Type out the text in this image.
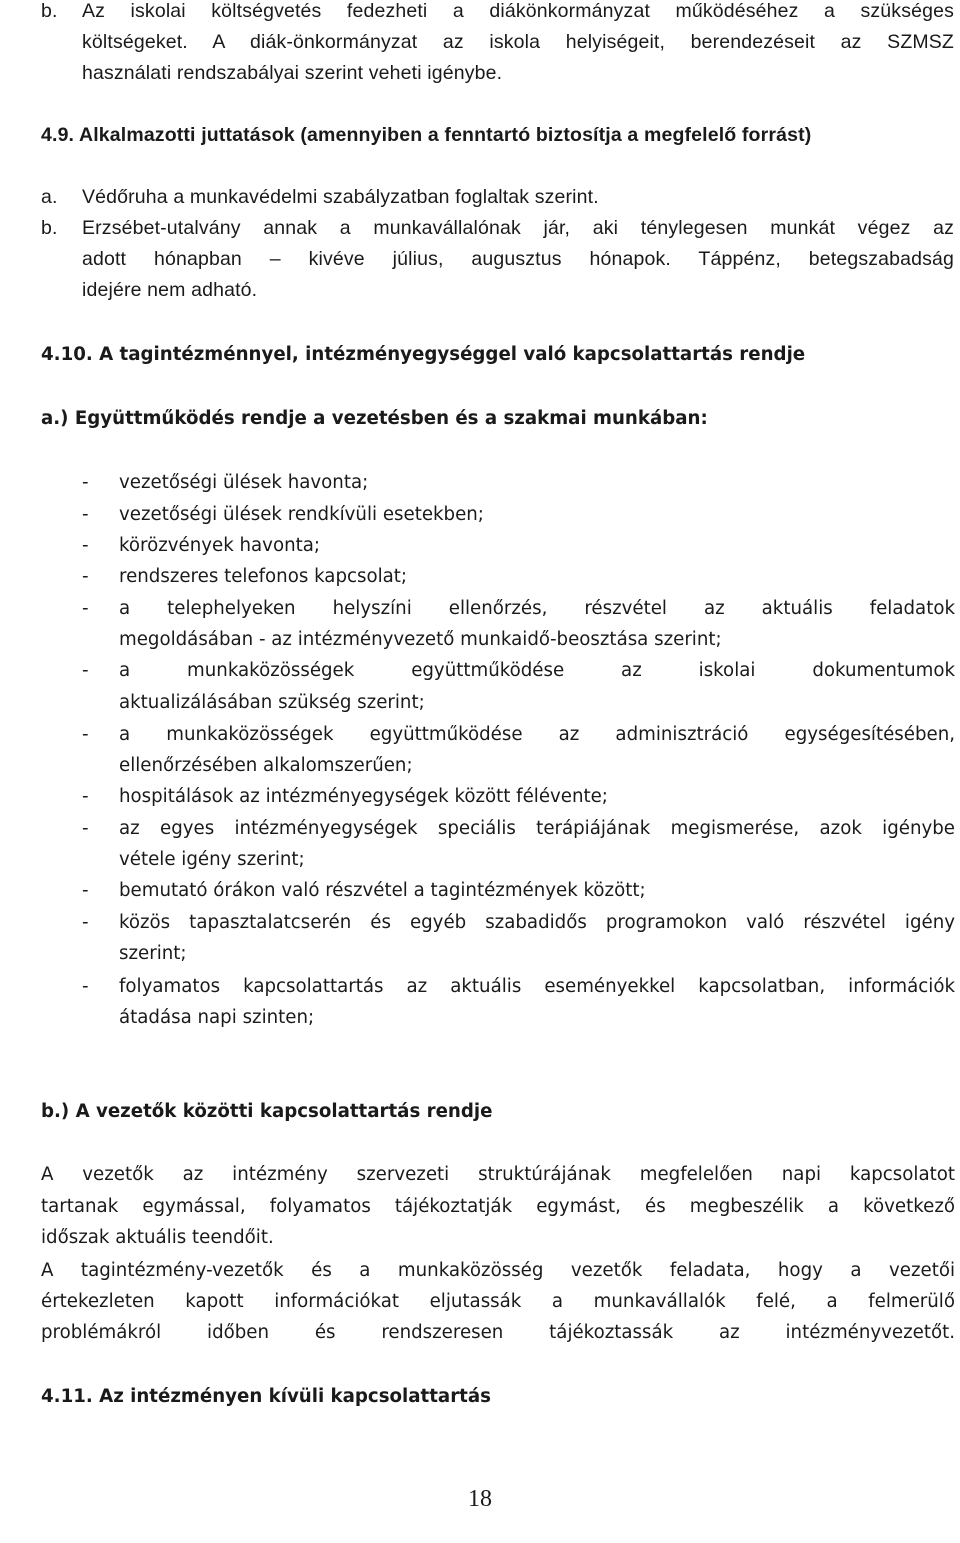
b. Az iskolai költségvetés fedezheti a diákönkormányzat működéséhez a szükséges
költségeket. A diák-önkormányzat az iskola helyiségeit, berendezéseit az SZMSZ
használati rendszabályai szerint veheti igénybe.
4.9. Alkalmazotti juttatások (amennyiben a fenntartó biztosítja a megfelelő forrást)
a. Védőruha a munkavédelmi szabályzatban foglaltak szerint.
b. Erzsébet-utalvány annak a munkavállalónak jár, aki ténylegesen munkát végez az
adott hónapban – kivéve július, augusztus hónapok. Táppénz, betegszabadság
idejére nem adható.
4.10. A tagintézménnyel, intézményegységgel való kapcsolattartás rendje
a.) Együttműködés rendje a vezetésben és a szakmai munkában:
-	vezetőségi ülések havonta;
-	vezetőségi ülések rendkívüli esetekben;
-	körözvények havonta;
-	rendszeres telefonos kapcsolat;
-	a telephelyeken helyszíni ellenőrzés, részvétel az aktuális feladatok
megoldásában - az intézményvezető munkaidő-beosztása szerint;
-	a munkaközösségek együttműködése az iskolai dokumentumok
aktualizálásában szükség szerint;
-	a munkaközösségek együttműködése az adminisztráció egységesítésében,
ellenőrzésében alkalomszerűen;
-	hospitálások az intézményegységek között félévente;
-	az egyes intézményegységek speciális terápiájának megismerése, azok igénybe
vétele igény szerint;
-	bemutató órákon való részvétel a tagintézmények között;
-	közös tapasztalatcserén és egyéb szabadidős programokon való részvétel igény
szerint;
-	folyamatos kapcsolattartás az aktuális eseményekkel kapcsolatban, információk
átadása napi szinten;
b.) A vezetők közötti kapcsolattartás rendje
A vezetők az intézmény szervezeti struktúrájának megfelelően napi kapcsolatot
tartanak egymással, folyamatos tájékoztatják egymást, és megbeszélik a következő
időszak aktuális teendőit.
A tagintézmény-vezetők és a munkaközösség vezetők feladata, hogy a vezetői
értekezleten kapott információkat eljutassák a munkavállalók felé, a felmerülő
problémákról időben és rendszeresen tájékoztassák az intézményvezetőt.
4.11. Az intézményen kívüli kapcsolattartás
18
